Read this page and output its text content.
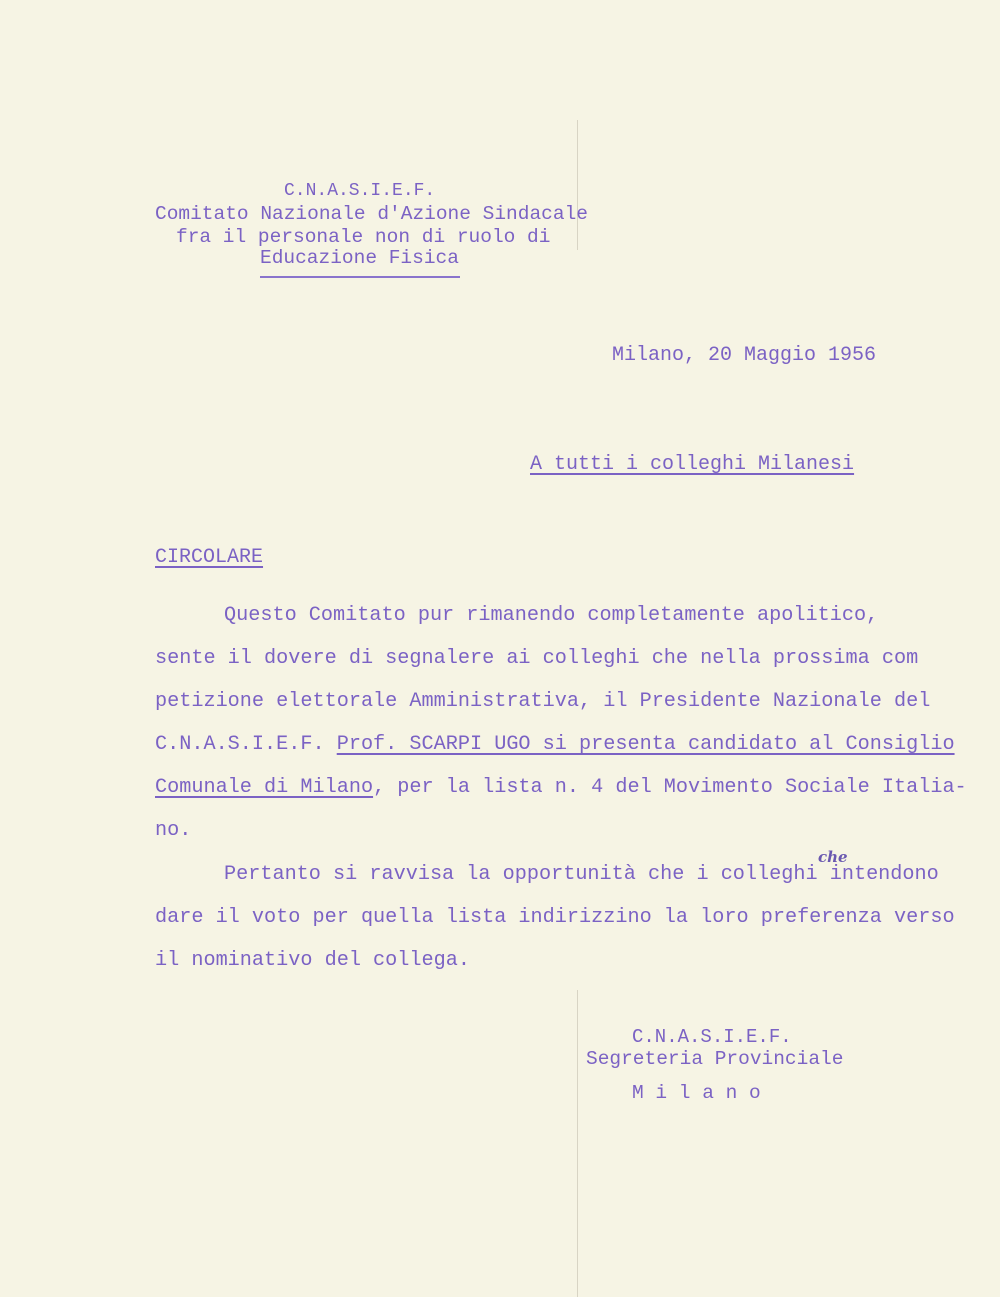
C.N.A.S.I.E.F.
Comitato Nazionale d'Azione Sindacale
fra il personale non di ruolo di
Educazione Fisica
Milano, 20 Maggio 1956
A tutti i colleghi Milanesi
CIRCOLARE
Questo Comitato pur rimanendo completamente apolitico,
sente il dovere di segnalere ai colleghi che nella prossima com
petizione elettorale Amministrativa, il Presidente Nazionale del
C.N.A.S.I.E.F. Prof. SCARPI UGO si presenta candidato al Consiglio
Comunale di Milano, per la lista n. 4 del Movimento Sociale Italia-
no.
che
Pertanto si ravvisa la opportunità che i colleghi intendono
dare il voto per quella lista indirizzino la loro preferenza verso
il nominativo del collega.
C.N.A.S.I.E.F.
Segreteria Provinciale
M i l a n o
